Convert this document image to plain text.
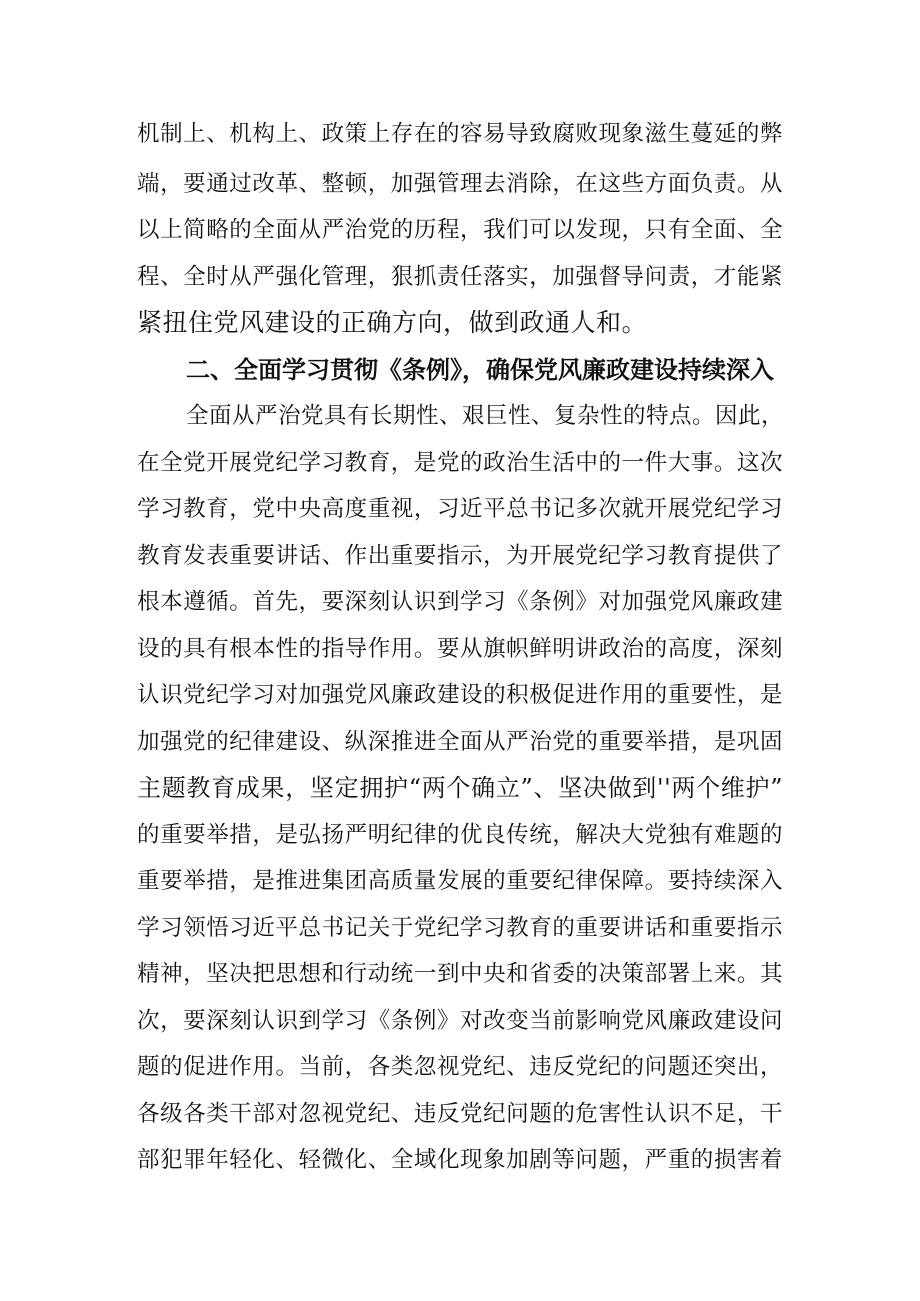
机制上、机构上、政策上存在的容易导致腐败现象滋生蔓延的弊
端，要通过改革、整顿，加强管理去消除，在这些方面负责。从
以上简略的全面从严治党的历程，我们可以发现，只有全面、全
程、全时从严强化管理，狠抓责任落实，加强督导问责，才能紧
紧扭住党风建设的正确方向，做到政通人和。
二、全面学习贯彻《条例》，确保党风廉政建设持续深入
全面从严治党具有长期性、艰巨性、复杂性的特点。因此，
在全党开展党纪学习教育，是党的政治生活中的一件大事。这次
学习教育，党中央高度重视，习近平总书记多次就开展党纪学习
教育发表重要讲话、作出重要指示，为开展党纪学习教育提供了
根本遵循。首先，要深刻认识到学习《条例》对加强党风廉政建
设的具有根本性的指导作用。要从旗帜鲜明讲政治的高度，深刻
认识党纪学习对加强党风廉政建设的积极促进作用的重要性，是
加强党的纪律建设、纵深推进全面从严治党的重要举措，是巩固
主题教育成果，坚定拥护“两个确立”、坚决做到''两个维护”
的重要举措，是弘扬严明纪律的优良传统，解决大党独有难题的
重要举措，是推进集团高质量发展的重要纪律保障。要持续深入
学习领悟习近平总书记关于党纪学习教育的重要讲话和重要指示
精神，坚决把思想和行动统一到中央和省委的决策部署上来。其
次，要深刻认识到学习《条例》对改变当前影响党风廉政建设问
题的促进作用。当前，各类忽视党纪、违反党纪的问题还突出，
各级各类干部对忽视党纪、违反党纪问题的危害性认识不足，干
部犯罪年轻化、轻微化、全域化现象加剧等问题，严重的损害着
